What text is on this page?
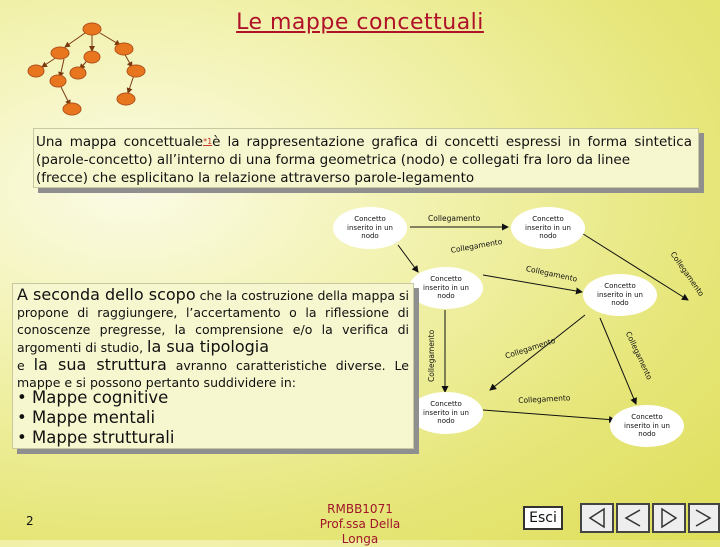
Le mappe concettuali
Una mappa concettuale$^{*1}$è la rappresentazione grafica di concetti espressi in forma sintetica (parole-concetto) all’interno di una forma geometrica (nodo) e collegati fra loro da linee
(frecce) che esplicitano la relazione attraverso parole-legamento
Concetto inserito in un nodo
Concetto inserito in un nodo
Concetto inserito in un nodo
Concetto inserito in un nodo
Concetto inserito in un nodo	Concetto inserito in un nodo
Collegamento
Collegamento
Collegamento	Collegamento
Collegamento	Collegamento
Collegamento
Collegamento
A seconda dello scopo che la costruzione della mappa si propone di raggiungere, l’accertamento o la riflessione di conoscenze pregresse, la comprensione e/o la verifica di argomenti di studio, la sua tipologia
e la sua struttura avranno caratteristiche diverse. Le mappe e si possono pertanto suddividere in:
• Mappe cognitive
• Mappe mentali
• Mappe strutturali
2
RMBB1071
Prof.ssa Della Longa
Esci
